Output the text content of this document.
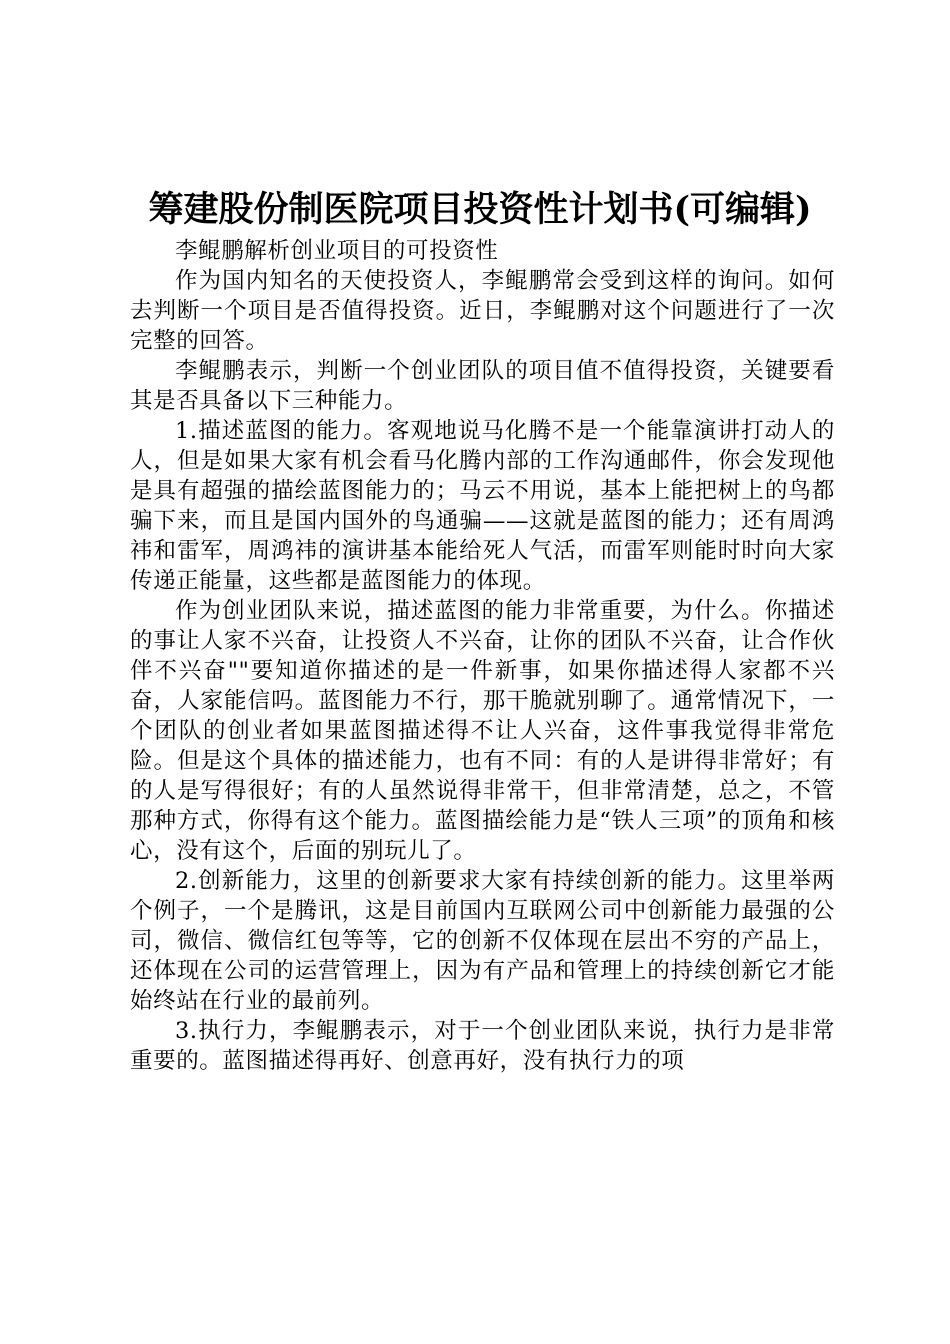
筹建股份制医院项目投资性计划书(可编辑)

李鲲鹏解析创业项目的可投资性

作为国内知名的天使投资人，李鲲鹏常会受到这样的询问。如何去判断一个项目是否值得投资。近日，李鲲鹏对这个问题进行了一次完整的回答。

李鲲鹏表示，判断一个创业团队的项目值不值得投资，关键要看其是否具备以下三种能力。

1.描述蓝图的能力。客观地说马化腾不是一个能靠演讲打动人的人，但是如果大家有机会看马化腾内部的工作沟通邮件，你会发现他是具有超强的描绘蓝图能力的；马云不用说，基本上能把树上的鸟都骗下来，而且是国内国外的鸟通骗——这就是蓝图的能力；还有周鸿祎和雷军，周鸿祎的演讲基本能给死人气活，而雷军则能时时向大家传递正能量，这些都是蓝图能力的体现。

作为创业团队来说，描述蓝图的能力非常重要，为什么。你描述的事让人家不兴奋，让投资人不兴奋，让你的团队不兴奋，让合作伙伴不兴奋""要知道你描述的是一件新事，如果你描述得人家都不兴奋，人家能信吗。蓝图能力不行，那干脆就别聊了。通常情况下，一个团队的创业者如果蓝图描述得不让人兴奋，这件事我觉得非常危险。但是这个具体的描述能力，也有不同：有的人是讲得非常好；有的人是写得很好；有的人虽然说得非常干，但非常清楚，总之，不管那种方式，你得有这个能力。蓝图描绘能力是“铁人三项”的顶角和核心，没有这个，后面的别玩儿了。

2.创新能力，这里的创新要求大家有持续创新的能力。这里举两个例子，一个是腾讯，这是目前国内互联网公司中创新能力最强的公司，微信、微信红包等等，它的创新不仅体现在层出不穷的产品上，还体现在公司的运营管理上，因为有产品和管理上的持续创新它才能始终站在行业的最前列。

3.执行力，李鲲鹏表示，对于一个创业团队来说，执行力是非常重要的。蓝图描述得再好、创意再好，没有执行力的项
